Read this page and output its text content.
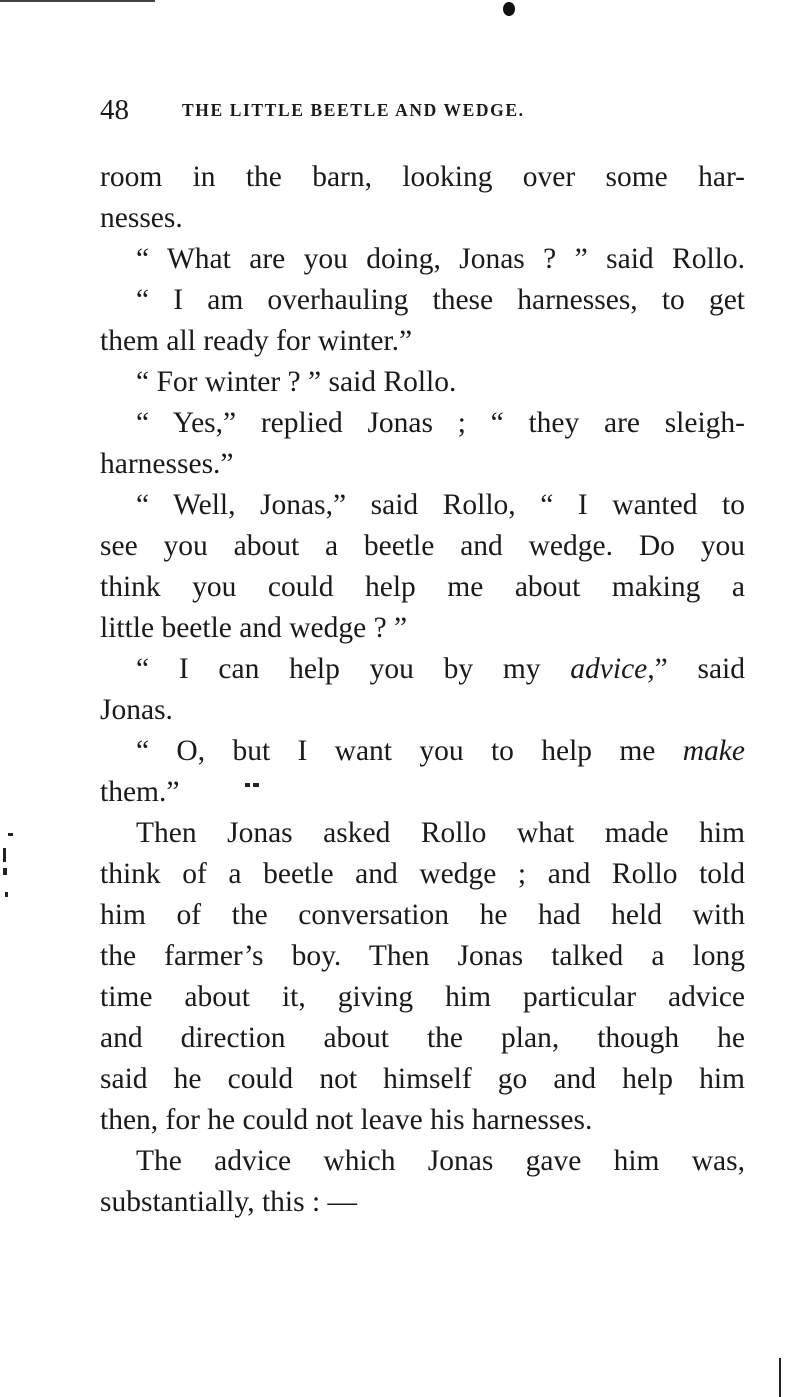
48	THE LITTLE BEETLE AND WEDGE.
room in the barn, looking over some har-
nesses.
“ What are you doing, Jonas ? ” said Rollo.
“ I am overhauling these harnesses, to get
them all ready for winter.”
“ For winter ? ” said Rollo.
“ Yes,” replied Jonas ; “ they are sleigh-
harnesses.”
“ Well, Jonas,” said Rollo, “ I wanted to
see you about a beetle and wedge. Do you
think you could help me about making a
little beetle and wedge ? ”
“ I can help you by my advice,” said
Jonas.
“ O, but I want you to help me make
them.”
Then Jonas asked Rollo what made him
think of a beetle and wedge ; and Rollo told
him of the conversation he had held with
the farmer’s boy. Then Jonas talked a long
time about it, giving him particular advice
and direction about the plan, though he
said he could not himself go and help him
then, for he could not leave his harnesses.
The advice which Jonas gave him was,
substantially, this : —
